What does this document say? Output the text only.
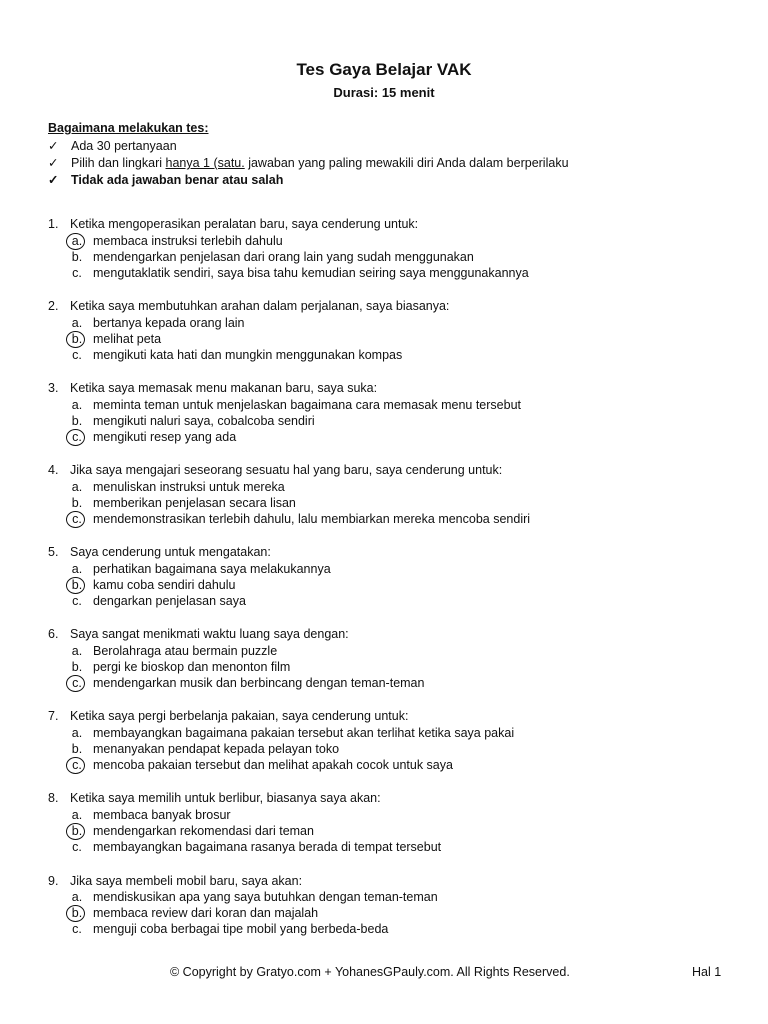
Tes Gaya Belajar VAK
Durasi: 15 menit
Bagaimana melakukan tes:
✓ Ada 30 pertanyaan
✓ Pilih dan lingkari hanya 1 (satu. jawaban yang paling mewakili diri Anda dalam berperilaku
✓ Tidak ada jawaban benar atau salah
1. Ketika mengoperasikan peralatan baru, saya cenderung untuk:
a. membaca instruksi terlebih dahulu
b. mendengarkan penjelasan dari orang lain yang sudah menggunakan
c. mengutaklatik sendiri, saya bisa tahu kemudian seiring saya menggunakannya
2. Ketika saya membutuhkan arahan dalam perjalanan, saya biasanya:
a. bertanya kepada orang lain
b. melihat peta
c. mengikuti kata hati dan mungkin menggunakan kompas
3. Ketika saya memasak menu makanan baru, saya suka:
a. meminta teman untuk menjelaskan bagaimana cara memasak menu tersebut
b. mengikuti naluri saya, cobalcoba sendiri
c. mengikuti resep yang ada
4. Jika saya mengajari seseorang sesuatu hal yang baru, saya cenderung untuk:
a. menuliskan instruksi untuk mereka
b. memberikan penjelasan secara lisan
c. mendemonstrasikan terlebih dahulu, lalu membiarkan mereka mencoba sendiri
5. Saya cenderung untuk mengatakan:
a. perhatikan bagaimana saya melakukannya
b. kamu coba sendiri dahulu
c. dengarkan penjelasan saya
6. Saya sangat menikmati waktu luang saya dengan:
a. Berolahraga atau bermain puzzle
b. pergi ke bioskop dan menonton film
c. mendengarkan musik dan berbincang dengan teman-teman
7. Ketika saya pergi berbelanja pakaian, saya cenderung untuk:
a. membayangkan bagaimana pakaian tersebut akan terlihat ketika saya pakai
b. menanyakan pendapat kepada pelayan toko
c. mencoba pakaian tersebut dan melihat apakah cocok untuk saya
8. Ketika saya memilih untuk berlibur, biasanya saya akan:
a. membaca banyak brosur
b. mendengarkan rekomendasi dari teman
c. membayangkan bagaimana rasanya berada di tempat tersebut
9. Jika saya membeli mobil baru, saya akan:
a. mendiskusikan apa yang saya butuhkan dengan teman-teman
b. membaca review dari koran dan majalah
c. menguji coba berbagai tipe mobil yang berbeda-beda
© Copyright by Gratyo.com + YohanesGPauly.com. All Rights Reserved.	Hal 1
